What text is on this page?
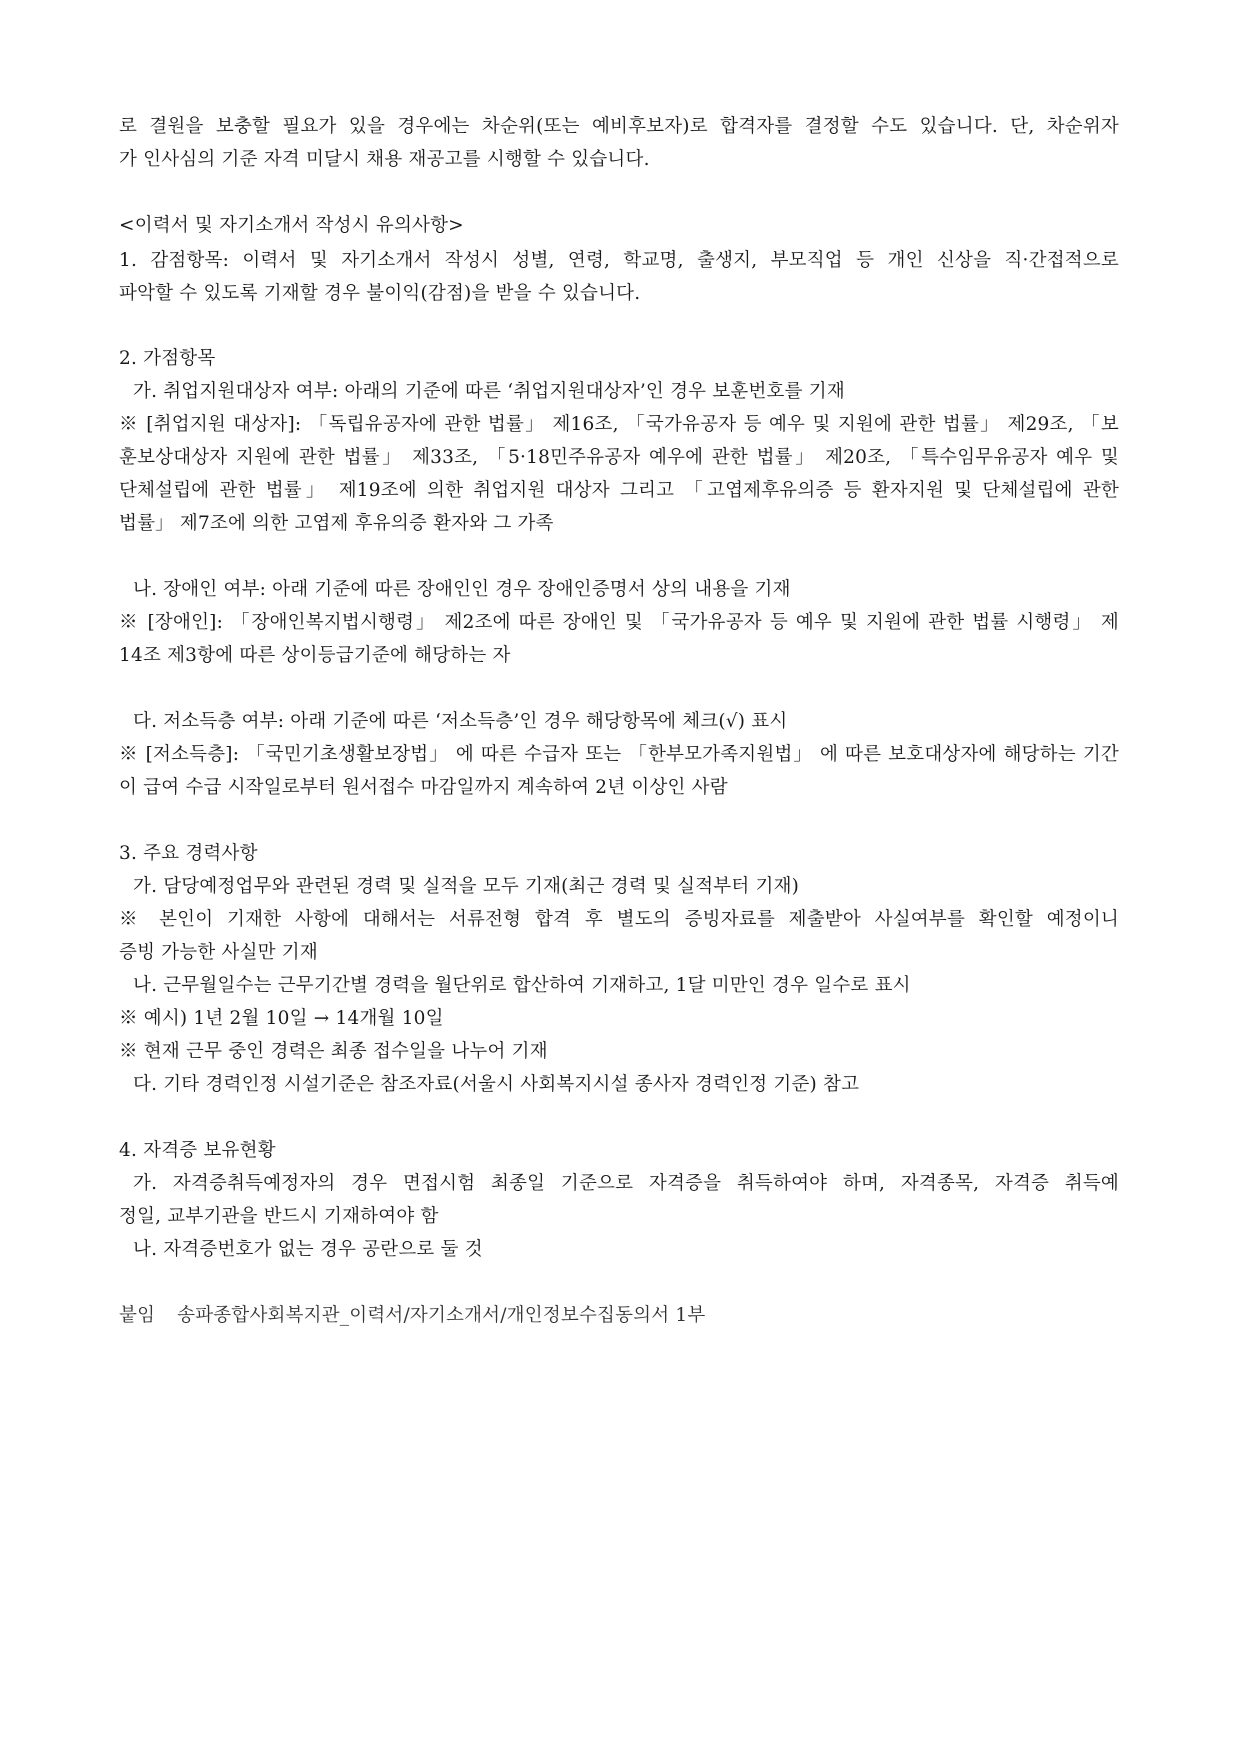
로 결원을 보충할 필요가 있을 경우에는 차순위(또는 예비후보자)로 합격자를 결정할 수도 있습니다. 단, 차순위자
가 인사심의 기준 자격 미달시 채용 재공고를 시행할 수 있습니다.
<이력서 및 자기소개서 작성시 유의사항>
1. 감점항목: 이력서 및 자기소개서 작성시 성별, 연령, 학교명, 출생지, 부모직업 등 개인 신상을 직·간접적으로
파악할 수 있도록 기재할 경우 불이익(감점)을 받을 수 있습니다.
2. 가점항목
가. 취업지원대상자 여부: 아래의 기준에 따른 ‘취업지원대상자’인 경우 보훈번호를 기재
※ [취업지원 대상자]: 「독립유공자에 관한 법률」 제16조, 「국가유공자 등 예우 및 지원에 관한 법률」 제29조, 「보
훈보상대상자 지원에 관한 법률」 제33조, 「5·18민주유공자 예우에 관한 법률」 제20조, 「특수임무유공자 예우 및
단체설립에 관한 법률」 제19조에 의한 취업지원 대상자 그리고 「고엽제후유의증 등 환자지원 및 단체설립에 관한
법률」 제7조에 의한 고엽제 후유의증 환자와 그 가족
나. 장애인 여부: 아래 기준에 따른 장애인인 경우 장애인증명서 상의 내용을 기재
※ [장애인]: 「장애인복지법시행령」 제2조에 따른 장애인 및 「국가유공자 등 예우 및 지원에 관한 법률 시행령」 제
14조 제3항에 따른 상이등급기준에 해당하는 자
다. 저소득층 여부: 아래 기준에 따른 ‘저소득층’인 경우 해당항목에 체크(√) 표시
※ [저소득층]: 「국민기초생활보장법」 에 따른 수급자 또는 「한부모가족지원법」 에 따른 보호대상자에 해당하는 기간
이 급여 수급 시작일로부터 원서접수 마감일까지 계속하여 2년 이상인 사람
3. 주요 경력사항
가. 담당예정업무와 관련된 경력 및 실적을 모두 기재(최근 경력 및 실적부터 기재)
※ 본인이 기재한 사항에 대해서는 서류전형 합격 후 별도의 증빙자료를 제출받아 사실여부를 확인할 예정이니
증빙 가능한 사실만 기재
나. 근무월일수는 근무기간별 경력을 월단위로 합산하여 기재하고, 1달 미만인 경우 일수로 표시
※ 예시) 1년 2월 10일 → 14개월 10일
※ 현재 근무 중인 경력은 최종 접수일을 나누어 기재
다. 기타 경력인정 시설기준은 참조자료(서울시 사회복지시설 종사자 경력인정 기준) 참고
4. 자격증 보유현황
가. 자격증취득예정자의 경우 면접시험 최종일 기준으로 자격증을 취득하여야 하며, 자격종목, 자격증 취득예
정일, 교부기관을 반드시 기재하여야 함
나. 자격증번호가 없는 경우 공란으로 둘 것
붙임 송파종합사회복지관_이력서/자기소개서/개인정보수집동의서 1부
